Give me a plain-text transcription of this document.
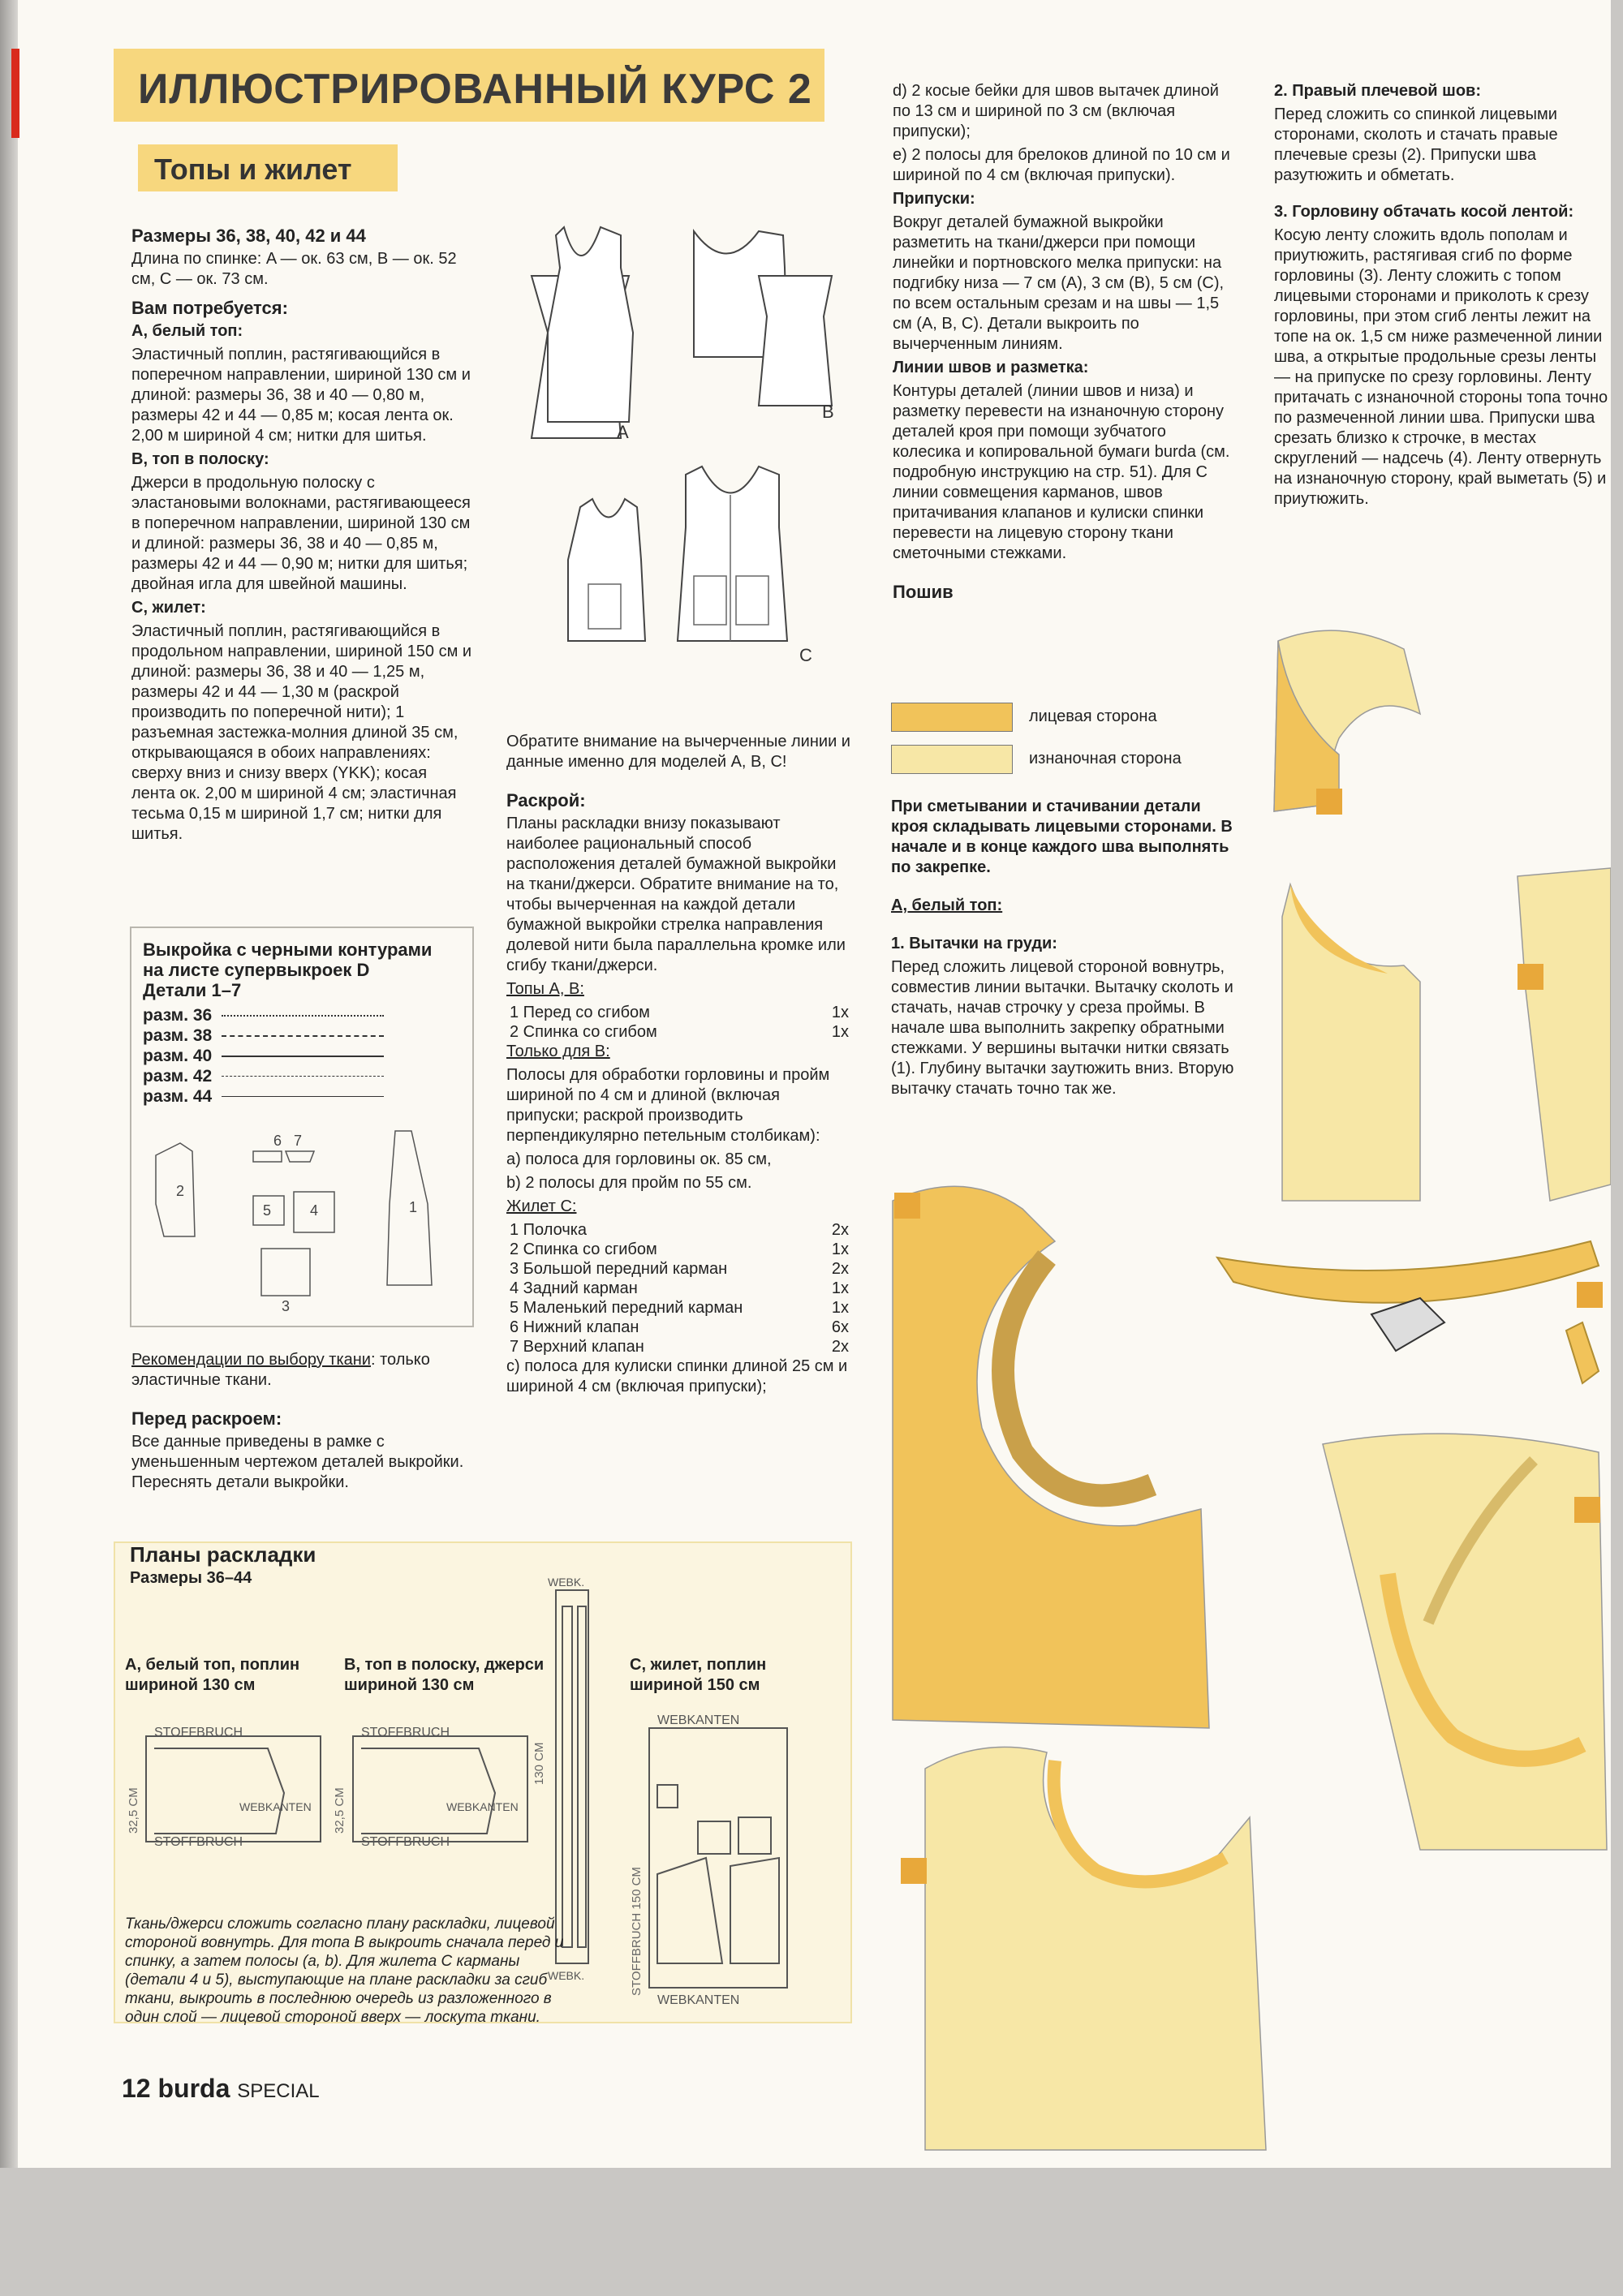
ИЛЛЮСТРИРОВАННЫЙ КУРС 2
Топы и жилет

Размеры 36, 38, 40, 42 и 44

Длина по спинке: A — ок. 63 см, B — ок. 52 см, C — ок. 73 см.

Вам потребуется:

A, белый топ:

Эластичный поплин, растягивающийся в поперечном направлении, шириной 130 см и длиной: размеры 36, 38 и 40 — 0,80 м, размеры 42 и 44 — 0,85 м; косая лента ок. 2,00 м шириной 4 см; нитки для шитья.

B, топ в полоску:

Джерси в продольную полоску с эластановыми волокнами, растягивающееся в поперечном направлении, шириной 130 см и длиной: размеры 36, 38 и 40 — 0,85 м, размеры 42 и 44 — 0,90 м; нитки для шитья; двойная игла для швейной машины.

C, жилет:

Эластичный поплин, растягивающийся в продольном направлении, шириной 150 см и длиной: размеры 36, 38 и 40 — 1,25 м, размеры 42 и 44 — 1,30 м (раскрой производить по поперечной нити); 1 разъемная застежка-молния длиной 35 см, открывающаяся в обоих направлениях: сверху вниз и снизу вверх (YKK); косая лента ок. 2,00 м шириной 4 см; эластичная тесьма 0,15 м шириной 1,7 см; нитки для шитья.

Выкройка с черными контурами
на листе супервыкроек D
Детали 1–7
разм. 36
разм. 38
разм. 40
разм. 42
разм. 44
2
6 7
5	4
3
1

Рекомендации по выбору ткани: только эластичные ткани.

Перед раскроем:

Все данные приведены в рамке с уменьшенным чертежом деталей выкройки. Переснять детали выкройки.

A
B
C

Обратите внимание на вычерченные линии и данные именно для моделей A, B, C!

Раскрой:

Планы раскладки внизу показывают наиболее рациональный способ расположения деталей бумажной выкройки на ткани/джерси. Обратите внимание на то, чтобы вычерченная на каждой детали бумажной выкройки стрелка направления долевой нити была параллельна кромке или сгибу ткани/джерси.

Топы A, B:

1 Перед со сгибом	1x
2 Спинка со сгибом	1x

Только для B:

Полосы для обработки горловины и пройм шириной по 4 см и длиной (включая припуски; раскрой производить перпендикулярно петельным столбикам):

a) полоса для горловины ок. 85 см,

b) 2 полосы для пройм по 55 см.

Жилет C:

1 Полочка	2x
2 Спинка со сгибом	1x
3 Большой передний карман	2x
4 Задний карман	1x
5 Маленький передний карман	1x
6 Нижний клапан	6x
7 Верхний клапан	2x

c) полоса для кулиски спинки длиной 25 см и шириной 4 см (включая припуски);

d) 2 косые бейки для швов вытачек длиной по 13 см и шириной по 3 см (включая припуски);

e) 2 полосы для брелоков длиной по 10 см и шириной по 4 см (включая припуски).

Припуски:

Вокруг деталей бумажной выкройки разметить на ткани/джерси при помощи линейки и портновского мелка припуски: на подгибку низа — 7 см (A), 3 см (B), 5 см (C), по всем остальным срезам и на швы — 1,5 см (A, B, C). Детали выкроить по вычерченным линиям.

Линии швов и разметка:

Контуры деталей (линии швов и низа) и разметку перевести на изнаночную сторону деталей кроя при помощи зубчатого колесика и копировальной бумаги burda (см. подробную инструкцию на стр. 51). Для C линии совмещения карманов, швов притачивания клапанов и кулиски спинки перевести на лицевую сторону ткани сметочными стежками.

Пошив

лицевая сторона
изнаночная сторона

При сметывании и стачивании детали кроя складывать лицевыми сторонами. В начале и в конце каждого шва выполнять по закрепке.

A, белый топ:

1. Вытачки на груди:

Перед сложить лицевой стороной вовнутрь, совместив линии вытачки. Вытачку сколоть и стачать, начав строчку у среза проймы. В начале шва выполнить закрепку обратными стежками. У вершины вытачки нитки связать (1). Глубину вытачки заутюжить вниз. Вторую вытачку стачать точно так же.

2. Правый плечевой шов:

Перед сложить со спинкой лицевыми сторонами, сколоть и стачать правые плечевые срезы (2). Припуски шва разутюжить и обметать.

3. Горловину обтачать косой лентой:

Косую ленту сложить вдоль пополам и приутюжить, растягивая сгиб по форме горловины (3). Ленту сложить с топом лицевыми сторонами и приколоть к срезу горловины, при этом сгиб ленты лежит на топе на ок. 1,5 см ниже размеченной линии шва, а открытые продольные срезы ленты — на припуске по срезу горловины. Ленту притачать с изнаночной стороны топа точно по размеченной линии шва. Припуски шва срезать близко к строчке, в местах скруглений — надсечь (4). Ленту отвернуть на изнаночную сторону, край выметать (5) и приутюжить.

Планы раскладки

Размеры 36–44

A, белый топ, поплин шириной 130 см
B, топ в полоску, джерси шириной 130 см
C, жилет, поплин шириной 150 см
STOFFBRUCH
WEBKANTEN
STOFFBRUCH
STOFFBRUCH
WEBKANTEN
STOFFBRUCH
WEBK.
WEBK.
WEBKANTEN
WEBKANTEN
32,5 CM	32,5 CM
130 CM
STOFFBRUCH 150 CM
Ткань/джерси сложить согласно плану раскладки, лицевой стороной вовнутрь. Для топа B выкроить сначала перед и спинку, а затем полосы (a, b). Для жилета C карманы (детали 4 и 5), выступающие на плане раскладки за сгиб ткани, выкроить в последнюю очередь из разложенного в один слой — лицевой стороной вверх — лоскута ткани.
12 burda SPECIAL
